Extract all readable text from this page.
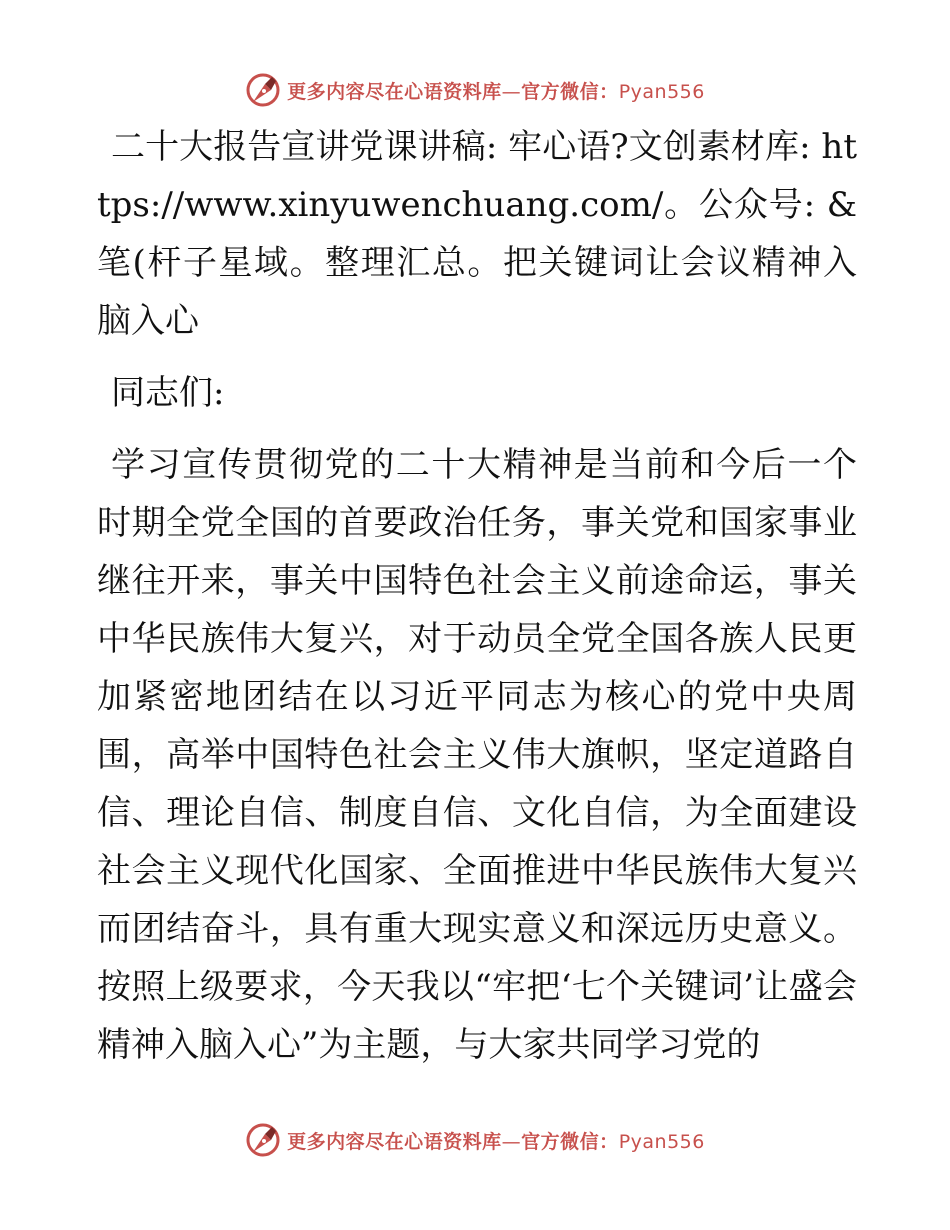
更多内容尽在心语资料库—官方微信：Pyan556

二十大报告宣讲党课讲稿: 牢心语?文创素材库: https://www.xinyuwenchuang.com/。公众号: &笔(杆子星域。整理汇总。把关键词让会议精神入脑入心

同志们:

学习宣传贯彻党的二十大精神是当前和今后一个时期全党全国的首要政治任务，事关党和国家事业继往开来，事关中国特色社会主义前途命运，事关中华民族伟大复兴，对于动员全党全国各族人民更加紧密地团结在以习近平同志为核心的党中央周围，高举中国特色社会主义伟大旗帜，坚定道路自信、理论自信、制度自信、文化自信，为全面建设社会主义现代化国家、全面推进中华民族伟大复兴而团结奋斗，具有重大现实意义和深远历史意义。按照上级要求，今天我以“牢把‘七个关键词’让盛会精神入脑入心”为主题，与大家共同学习党的

更多内容尽在心语资料库—官方微信：Pyan556
